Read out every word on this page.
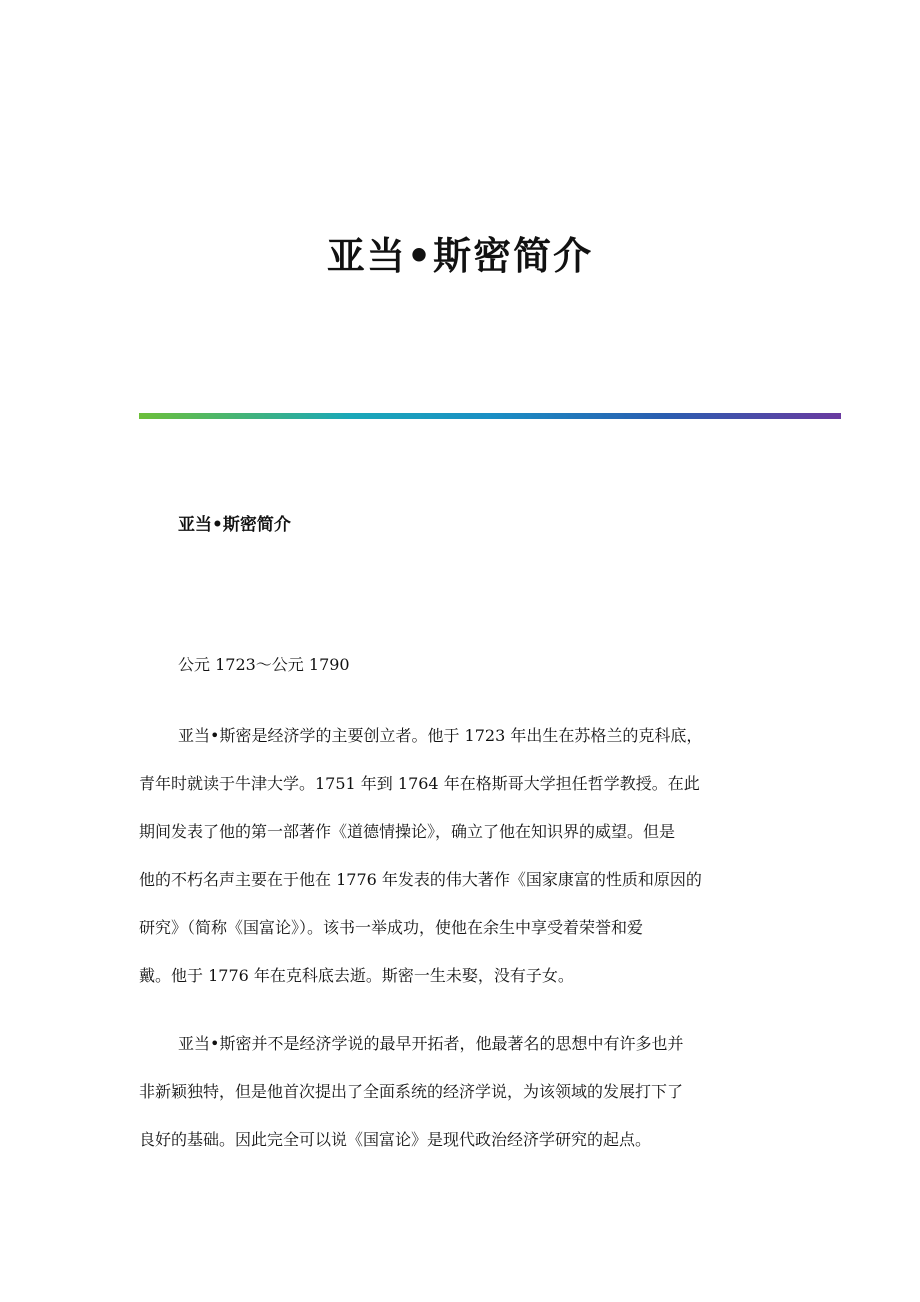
亚当•斯密简介
亚当•斯密简介
公元 1723～公元 1790

亚当•斯密是经济学的主要创立者。他于 1723 年出生在苏格兰的克科底，
青年时就读于牛津大学。1751 年到 1764 年在格斯哥大学担任哲学教授。在此
期间发表了他的第一部著作《道德情操论》，确立了他在知识界的威望。但是
他的不朽名声主要在于他在 1776 年发表的伟大著作《国家康富的性质和原因的
研究》（简称《国富论》）。该书一举成功，使他在余生中享受着荣誉和爱
戴。他于 1776 年在克科底去逝。斯密一生未娶，没有子女。

亚当•斯密并不是经济学说的最早开拓者，他最著名的思想中有许多也并
非新颖独特，但是他首次提出了全面系统的经济学说，为该领域的发展打下了
良好的基础。因此完全可以说《国富论》是现代政治经济学研究的起点。
